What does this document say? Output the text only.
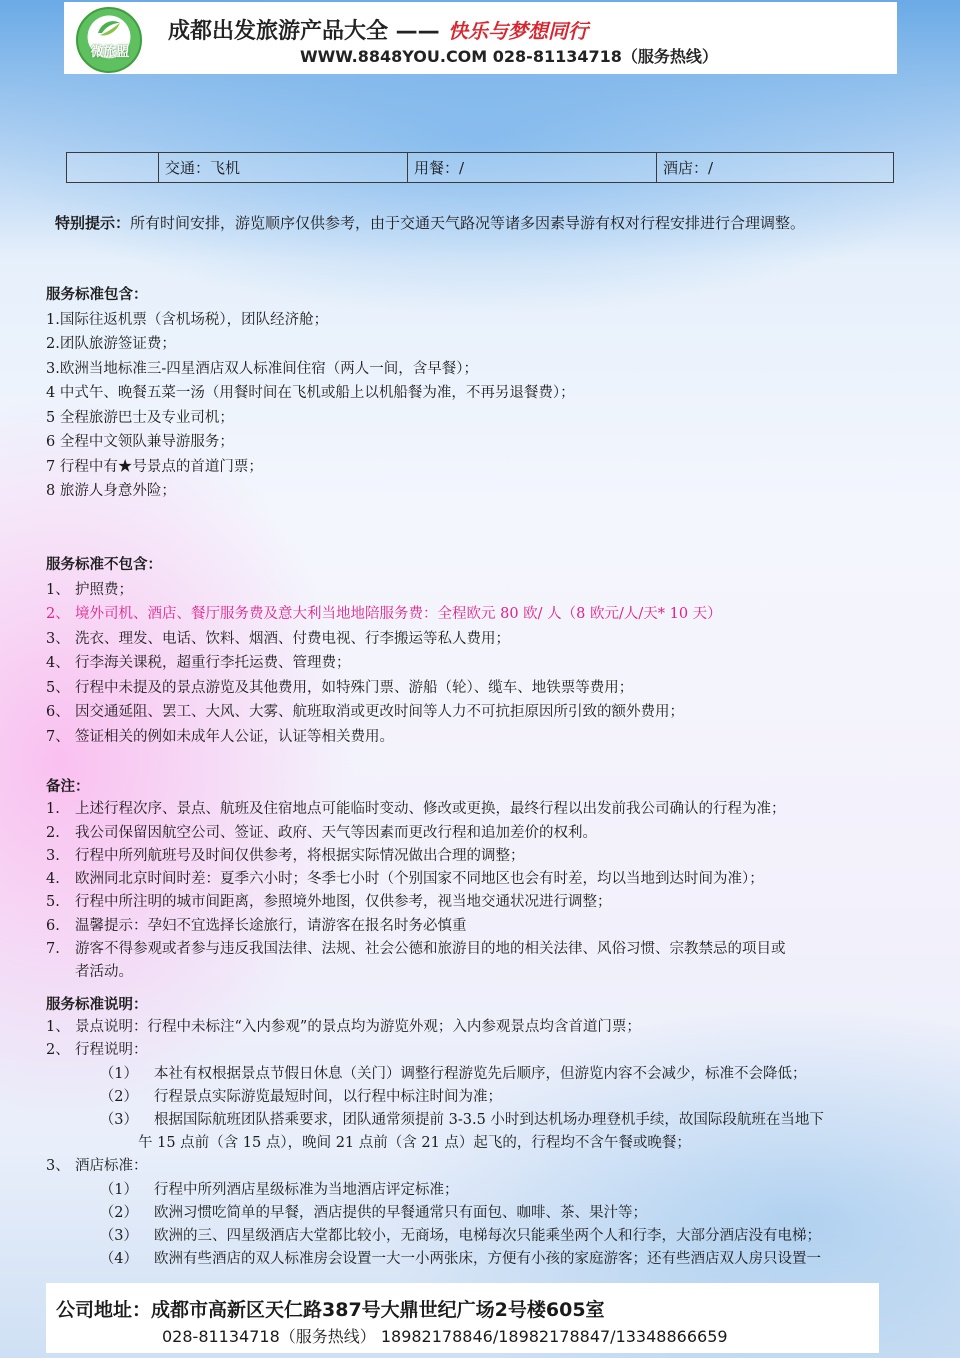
微旅盟
成都出发旅游产品大全 —— 快乐与梦想同行
WWW.8848YOU.COM 028-81134718（服务热线）
	交通：飞机	用餐：/	酒店：/
特别提示：所有时间安排，游览顺序仅供参考，由于交通天气路况等诸多因素导游有权对行程安排进行合理调整。
服务标准包含：
1.国际往返机票（含机场税），团队经济舱；
2.团队旅游签证费；
3.欧洲当地标准三-四星酒店双人标准间住宿（两人一间，含早餐）；
4 中式午、晚餐五菜一汤（用餐时间在飞机或船上以机船餐为准，不再另退餐费）；
5 全程旅游巴士及专业司机；
6 全程中文领队兼导游服务；
7 行程中有★号景点的首道门票；
8 旅游人身意外险；
服务标准不包含：
1、 护照费；
2、 境外司机、酒店、餐厅服务费及意大利当地地陪服务费：全程欧元 80 欧/ 人（8 欧元/人/天* 10 天）
3、 洗衣、理发、电话、饮料、烟酒、付费电视、行李搬运等私人费用；
4、 行李海关课税，超重行李托运费、管理费；
5、 行程中未提及的景点游览及其他费用，如特殊门票、游船（轮）、缆车、地铁票等费用；
6、 因交通延阻、罢工、大风、大雾、航班取消或更改时间等人力不可抗拒原因所引致的额外费用；
7、 签证相关的例如未成年人公证，认证等相关费用。
备注：
1. 上述行程次序、景点、航班及住宿地点可能临时变动、修改或更换，最终行程以出发前我公司确认的行程为准；
2. 我公司保留因航空公司、签证、政府、天气等因素而更改行程和追加差价的权利。
3. 行程中所列航班号及时间仅供参考，将根据实际情况做出合理的调整；
4. 欧洲同北京时间时差：夏季六小时；冬季七小时（个别国家不同地区也会有时差，均以当地到达时间为准）；
5. 行程中所注明的城市间距离，参照境外地图，仅供参考，视当地交通状况进行调整；
6. 温馨提示：孕妇不宜选择长途旅行，请游客在报名时务必慎重
7. 游客不得参观或者参与违反我国法律、法规、社会公德和旅游目的地的相关法律、风俗习惯、宗教禁忌的项目或
者活动。
服务标准说明：
1、 景点说明：行程中未标注“入内参观”的景点均为游览外观；入内参观景点均含首道门票；
2、 行程说明：
（1） 本社有权根据景点节假日休息（关门）调整行程游览先后顺序，但游览内容不会减少，标准不会降低；
（2） 行程景点实际游览最短时间，以行程中标注时间为准；
（3） 根据国际航班团队搭乘要求，团队通常须提前 3-3.5 小时到达机场办理登机手续，故国际段航班在当地下
午 15 点前（含 15 点），晚间 21 点前（含 21 点）起飞的，行程均不含午餐或晚餐；
3、 酒店标准：
（1） 行程中所列酒店星级标准为当地酒店评定标准；
（2） 欧洲习惯吃简单的早餐，酒店提供的早餐通常只有面包、咖啡、茶、果汁等；
（3） 欧洲的三、四星级酒店大堂都比较小，无商场，电梯每次只能乘坐两个人和行李，大部分酒店没有电梯；
（4） 欧洲有些酒店的双人标准房会设置一大一小两张床，方便有小孩的家庭游客；还有些酒店双人房只设置一
公司地址：成都市高新区天仁路387号大鼎世纪广场2号楼605室
028-81134718（服务热线） 18982178846/18982178847/13348866659
